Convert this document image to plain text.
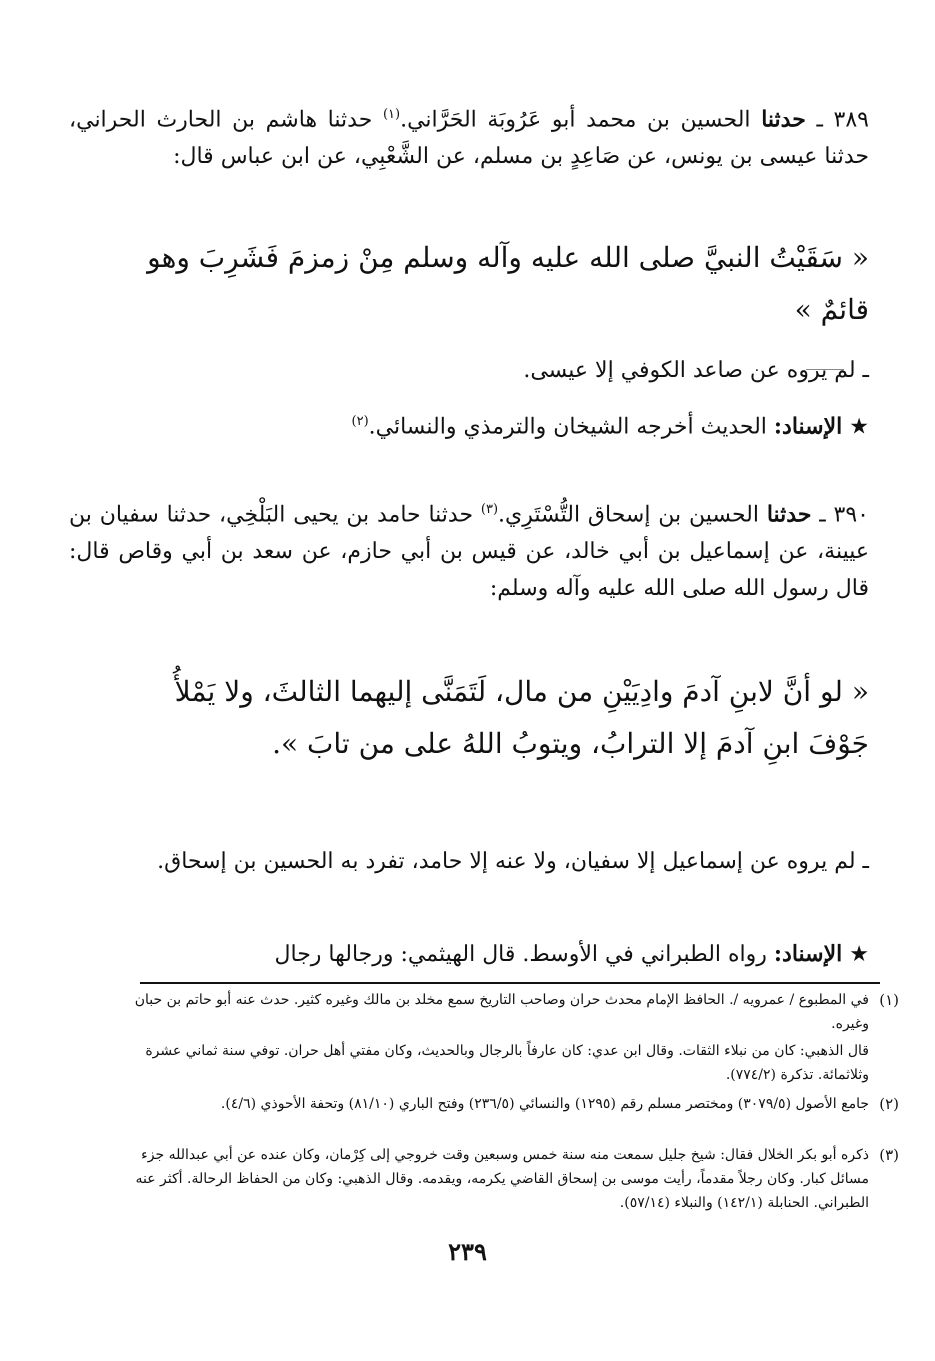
٣٨٩ ـ حدثنا الحسين بن محمد أبو عَرُوبَة الحَرَّاني.$^{(١)}$ حدثنا هاشم بن الحارث الحراني، حدثنا عيسى بن يونس، عن صَاعِدٍ بن مسلم، عن الشَّعْبِي، عن ابن عباس قال:

« سَقَيْتُ النبيَّ صلى الله عليه وآله وسلم مِنْ زمزمَ فَشَرِبَ وهو قائمٌ »

ـ لم يروه عن صاعد الكوفي إلا عيسى.

★ الإسناد: الحديث أخرجه الشيخان والترمذي والنسائي.$^{(٢)}$

٣٩٠ ـ حدثنا الحسين بن إسحاق التُّسْتَرِي.$^{(٣)}$ حدثنا حامد بن يحيى البَلْخِي، حدثنا سفيان بن عيينة، عن إسماعيل بن أبي خالد، عن قيس بن أبي حازم، عن سعد بن أبي وقاص قال: قال رسول الله صلى الله عليه وآله وسلم:

« لو أنَّ لابنِ آدمَ وادِيَيْنِ من مال، لَتَمَنَّى إليهما الثالثَ، ولا يَمْلأُ جَوْفَ ابنِ آدمَ إلا الترابُ، ويتوبُ اللهُ على من تابَ ».

ـ لم يروه عن إسماعيل إلا سفيان، ولا عنه إلا حامد، تفرد به الحسين بن إسحاق.

★ الإسناد: رواه الطبراني في الأوسط. قال الهيثمي: ورجالها رجال

(١)

في المطبوع / عمرويه /. الحافظ الإمام محدث حران وصاحب التاريخ سمع مخلد بن مالك وغيره كثير. حدث عنه أبو حاتم بن حبان وغيره.

قال الذهبي: كان من نبلاء الثقات. وقال ابن عدي: كان عارفاً بالرجال وبالحديث، وكان مفتي أهل حران. توفي سنة ثماني عشرة وثلاثمائة. تذكرة (٧٧٤/٢).

(٢)

جامع الأصول (٣٠٧٩/٥) ومختصر مسلم رقم (١٢٩٥) والنسائي (٢٣٦/٥) وفتح الباري (٨١/١٠) وتحفة الأحوذي (٤/٦).

(٣)

ذكره أبو بكر الخلال فقال: شيخ جليل سمعت منه سنة خمس وسبعين وقت خروجي إلى كِرْمان، وكان عنده عن أبي عبدالله جزء مسائل كبار. وكان رجلاً مقدماً، رأيت موسى بن إسحاق القاضي يكرمه، ويقدمه. وقال الذهبي: وكان من الحفاظ الرحالة. أكثر عنه الطبراني. الحنابلة (١٤٢/١) والنبلاء (٥٧/١٤).

٢٣٩
